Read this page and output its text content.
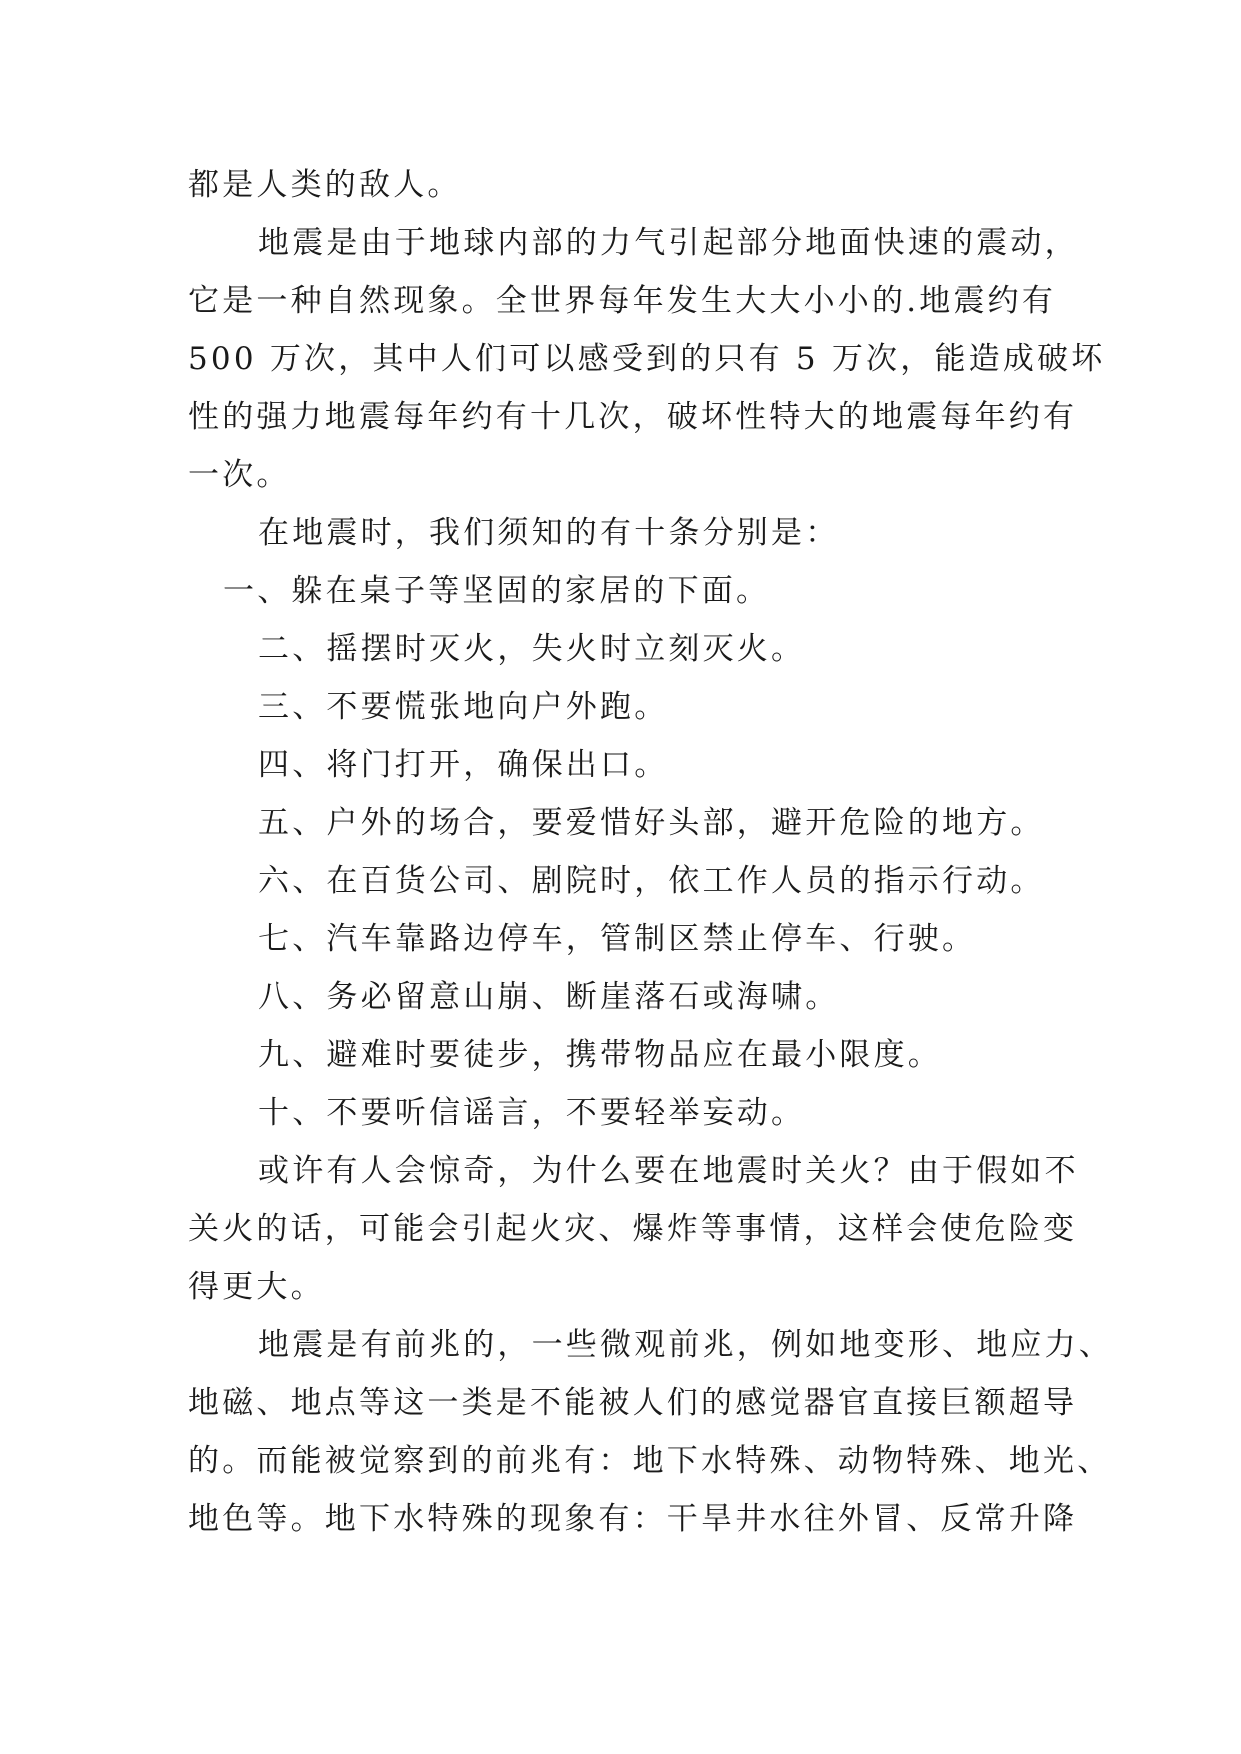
都是人类的敌人。
地震是由于地球内部的力气引起部分地面快速的震动，
它是一种自然现象。全世界每年发生大大小小的.地震约有
500 万次，其中人们可以感受到的只有 5 万次，能造成破坏
性的强力地震每年约有十几次，破坏性特大的地震每年约有
一次。
在地震时，我们须知的有十条分别是：
一、躲在桌子等坚固的家居的下面。
二、摇摆时灭火，失火时立刻灭火。
三、不要慌张地向户外跑。
四、将门打开，确保出口。
五、户外的场合，要爱惜好头部，避开危险的地方。
六、在百货公司、剧院时，依工作人员的指示行动。
七、汽车靠路边停车，管制区禁止停车、行驶。
八、务必留意山崩、断崖落石或海啸。
九、避难时要徒步，携带物品应在最小限度。
十、不要听信谣言，不要轻举妄动。
或许有人会惊奇，为什么要在地震时关火？由于假如不
关火的话，可能会引起火灾、爆炸等事情，这样会使危险变
得更大。
地震是有前兆的，一些微观前兆，例如地变形、地应力、
地磁、地点等这一类是不能被人们的感觉器官直接巨额超导
的。而能被觉察到的前兆有：地下水特殊、动物特殊、地光、
地色等。地下水特殊的现象有：干旱井水往外冒、反常升降
